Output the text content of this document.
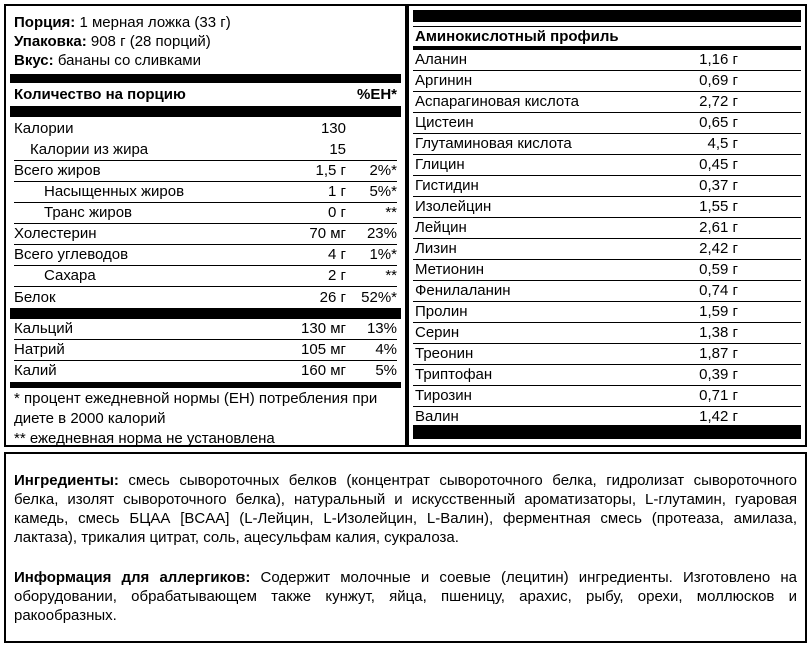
Порция: 1 мерная ложка (33 г)
Упаковка: 908 г (28 порций)
Вкус: бананы со сливками
Количество на порцию	%ЕН*
Калории	130
Калории из жира	15
Всего жиров	1,5 г 2%*
Насыщенных жиров	1 г 5%*
Транс жиров	0 г	**
Холестерин	70 мг 23%
Всего углеводов	4 г 1%*
Сахара	2 г	**
Белок	26 г 52%*
Кальций	130 мг 13%
Натрий	105 мг 4%
Калий	160 мг 5%
* процент ежедневной нормы (ЕН) потребления при диете в 2000 калорий
** ежедневная норма не установлена
Аминокислотный профиль
Аланин	1,16 г
Аргинин	0,69 г
Аспарагиновая кислота	2,72 г
Цистеин	0,65 г
Глутаминовая кислота	4,5 г
Глицин	0,45 г
Гистидин	0,37 г
Изолейцин	1,55 г
Лейцин	2,61 г
Лизин	2,42 г
Метионин	0,59 г
Фенилаланин	0,74 г
Пролин	1,59 г
Серин	1,38 г
Треонин	1,87 г
Триптофан	0,39 г
Тирозин	0,71 г
Валин	1,42 г
Ингредиенты: смесь сывороточных белков (концентрат сывороточного белка, гидролизат сывороточного белка, изолят сывороточного белка), натуральный и искусственный ароматизаторы, L-глутамин, гуаровая камедь, смесь БЦАА [BCAA] (L-Лейцин, L-Изолейцин, L-Валин), ферментная смесь (протеаза, амилаза, лактаза), трикалия цитрат, соль, ацесульфам калия, сукралоза.
Информация для аллергиков: Содержит молочные и соевые (лецитин) ингредиенты. Изготовлено на оборудовании, обрабатывающем также кунжут, яйца, пшеницу, арахис, рыбу, орехи, моллюсков и ракообразных.
